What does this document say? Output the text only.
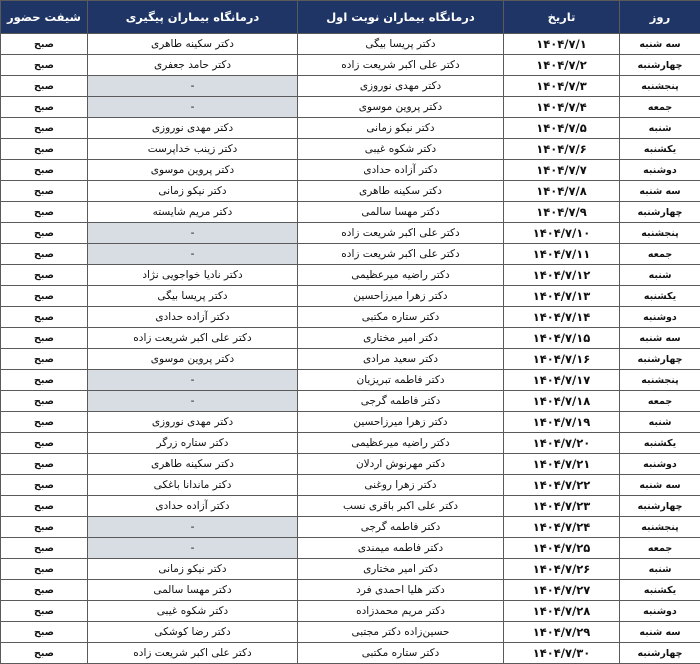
روز	تاریخ	درمانگاه بیماران نوبت اول	درمانگاه بیماران پیگیری	شیفت حضور
سه شنبه	۱۴۰۴/۷/۱	دکتر پریسا بیگی	دکتر سکینه طاهری	صبح
چهارشنبه	۱۴۰۴/۷/۲	دکتر علی اکبر شریعت زاده	دکتر حامد جعفری	صبح
پنجشنبه	۱۴۰۴/۷/۳	دکتر مهدی نوروزی	-	صبح
جمعه	۱۴۰۴/۷/۴	دکتر پروین موسوی	-	صبح
شنبه	۱۴۰۴/۷/۵	دکتر نیکو زمانی	دکتر مهدی نوروزی	صبح
یکشنبه	۱۴۰۴/۷/۶	دکتر شکوه غیبی	دکتر زینب خداپرست	صبح
دوشنبه	۱۴۰۴/۷/۷	دکتر آزاده حدادی	دکتر پروین موسوی	صبح
سه شنبه	۱۴۰۴/۷/۸	دکتر سکینه طاهری	دکتر نیکو زمانی	صبح
چهارشنبه	۱۴۰۴/۷/۹	دکتر مهسا سالمی	دکتر مریم شایسته	صبح
پنجشنبه	۱۴۰۴/۷/۱۰	دکتر علی اکبر شریعت زاده	-	صبح
جمعه	۱۴۰۴/۷/۱۱	دکتر علی اکبر شریعت زاده	-	صبح
شنبه	۱۴۰۴/۷/۱۲	دکتر راضیه میرعظیمی	دکتر نادیا خواجویی نژاد	صبح
یکشنبه	۱۴۰۴/۷/۱۳	دکتر زهرا میرزاحسین	دکتر پریسا بیگی	صبح
دوشنبه	۱۴۰۴/۷/۱۴	دکتر ستاره مکتبی	دکتر آزاده حدادی	صبح
سه شنبه	۱۴۰۴/۷/۱۵	دکتر امیر مختاری	دکتر علی اکبر شریعت زاده	صبح
چهارشنبه	۱۴۰۴/۷/۱۶	دکتر سعید مرادی	دکتر پروین موسوی	صبح
پنجشنبه	۱۴۰۴/۷/۱۷	دکتر فاطمه تبریزیان	-	صبح
جمعه	۱۴۰۴/۷/۱۸	دکتر فاطمه گرجی	-	صبح
شنبه	۱۴۰۴/۷/۱۹	دکتر زهرا میرزاحسین	دکتر مهدی نوروزی	صبح
یکشنبه	۱۴۰۴/۷/۲۰	دکتر راضیه میرعظیمی	دکتر ستاره زرگر	صبح
دوشنبه	۱۴۰۴/۷/۲۱	دکتر مهرنوش اردلان	دکتر سکینه طاهری	صبح
سه شنبه	۱۴۰۴/۷/۲۲	دکتر زهرا روغنی	دکتر ماندانا باغکی	صبح
چهارشنبه	۱۴۰۴/۷/۲۳	دکتر علی اکبر باقری نسب	دکتر آزاده حدادی	صبح
پنجشنبه	۱۴۰۴/۷/۲۴	دکتر فاطمه گرجی	-	صبح
جمعه	۱۴۰۴/۷/۲۵	دکتر فاطمه میمندی	-	صبح
شنبه	۱۴۰۴/۷/۲۶	دکتر امیر مختاری	دکتر نیکو زمانی	صبح
یکشنبه	۱۴۰۴/۷/۲۷	دکتر هلیا احمدی فرد	دکتر مهسا سالمی	صبح
دوشنبه	۱۴۰۴/۷/۲۸	دکتر مریم محمدزاده	دکتر شکوه غیبی	صبح
سه شنبه	۱۴۰۴/۷/۲۹	حسین‌زاده دکتر مجتبی	دکتر رضا کوشکی	صبح
چهارشنبه	۱۴۰۴/۷/۳۰	دکتر ستاره مکتبی	دکتر علی اکبر شریعت زاده	صبح
